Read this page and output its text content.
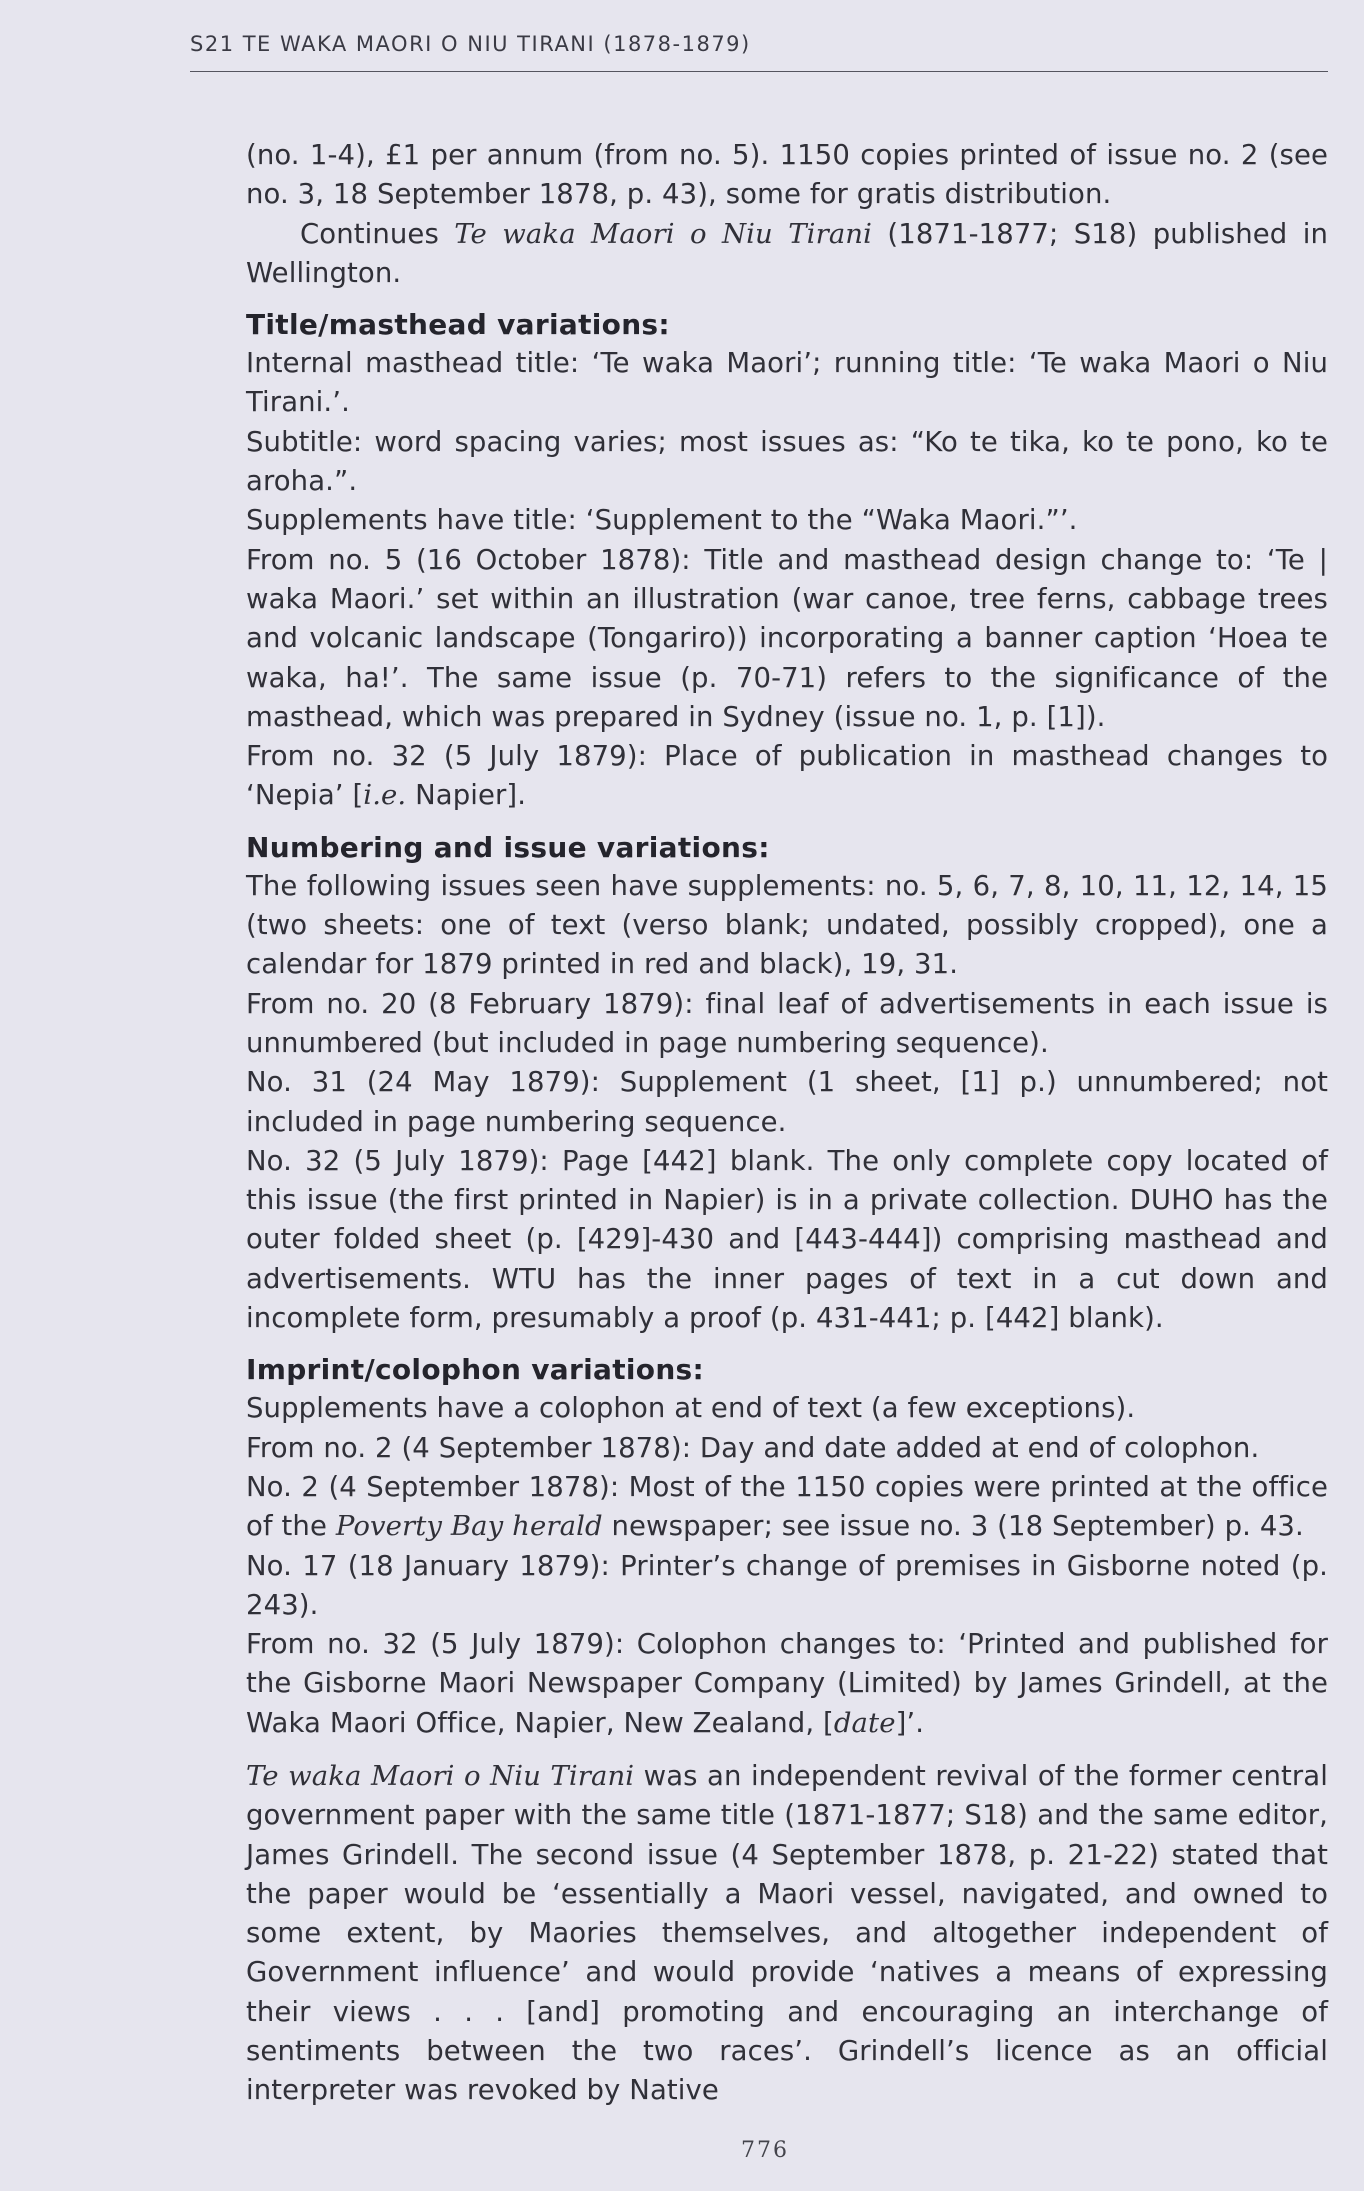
S21 TE WAKA MAORI O NIU TIRANI (1878-1879)

(no. 1-4), £1 per annum (from no. 5). 1150 copies printed of issue no. 2 (see no. 3, 18 September 1878, p. 43), some for gratis distribution.

Continues Te waka Maori o Niu Tirani (1871-1877; S18) published in Wellington.

Title/masthead variations:

Internal masthead title: ‘Te waka Maori’; running title: ‘Te waka Maori o Niu Tirani.’.

Subtitle: word spacing varies; most issues as: “Ko te tika, ko te pono, ko te aroha.”.

Supplements have title: ‘Supplement to the “Waka Maori.”’.

From no. 5 (16 October 1878): Title and masthead design change to: ‘Te | waka Maori.’ set within an illustration (war canoe, tree ferns, cabbage trees and volcanic landscape (Tongariro)) incorporating a banner caption ‘Hoea te waka, ha!’. The same issue (p. 70-71) refers to the significance of the masthead, which was prepared in Sydney (issue no. 1, p. [1]).

From no. 32 (5 July 1879): Place of publication in masthead changes to ‘Nepia’ [i.e. Napier].

Numbering and issue variations:

The following issues seen have supplements: no. 5, 6, 7, 8, 10, 11, 12, 14, 15 (two sheets: one of text (verso blank; undated, possibly cropped), one a calendar for 1879 printed in red and black), 19, 31.

From no. 20 (8 February 1879): final leaf of advertisements in each issue is unnumbered (but included in page numbering sequence).

No. 31 (24 May 1879): Supplement (1 sheet, [1] p.) unnumbered; not included in page numbering sequence.

No. 32 (5 July 1879): Page [442] blank. The only complete copy located of this issue (the first printed in Napier) is in a private collection. DUHO has the outer folded sheet (p. [429]-430 and [443-444]) comprising masthead and advertisements. WTU has the inner pages of text in a cut down and incomplete form, presumably a proof (p. 431-441; p. [442] blank).

Imprint/colophon variations:

Supplements have a colophon at end of text (a few exceptions).

From no. 2 (4 September 1878): Day and date added at end of colophon.

No. 2 (4 September 1878): Most of the 1150 copies were printed at the office of the Poverty Bay herald newspaper; see issue no. 3 (18 September) p. 43.

No. 17 (18 January 1879): Printer’s change of premises in Gisborne noted (p. 243).

From no. 32 (5 July 1879): Colophon changes to: ‘Printed and published for the Gisborne Maori Newspaper Company (Limited) by James Grindell, at the Waka Maori Office, Napier, New Zealand, [date]’.

Te waka Maori o Niu Tirani was an independent revival of the former central government paper with the same title (1871-1877; S18) and the same editor, James Grindell. The second issue (4 September 1878, p. 21-22) stated that the paper would be ‘essentially a Maori vessel, navigated, and owned to some extent, by Maories themselves, and altogether independent of Government influence’ and would provide ‘natives a means of expressing their views . . . [and] promoting and encouraging an interchange of sentiments between the two races’. Grindell’s licence as an official interpreter was revoked by Native

776
